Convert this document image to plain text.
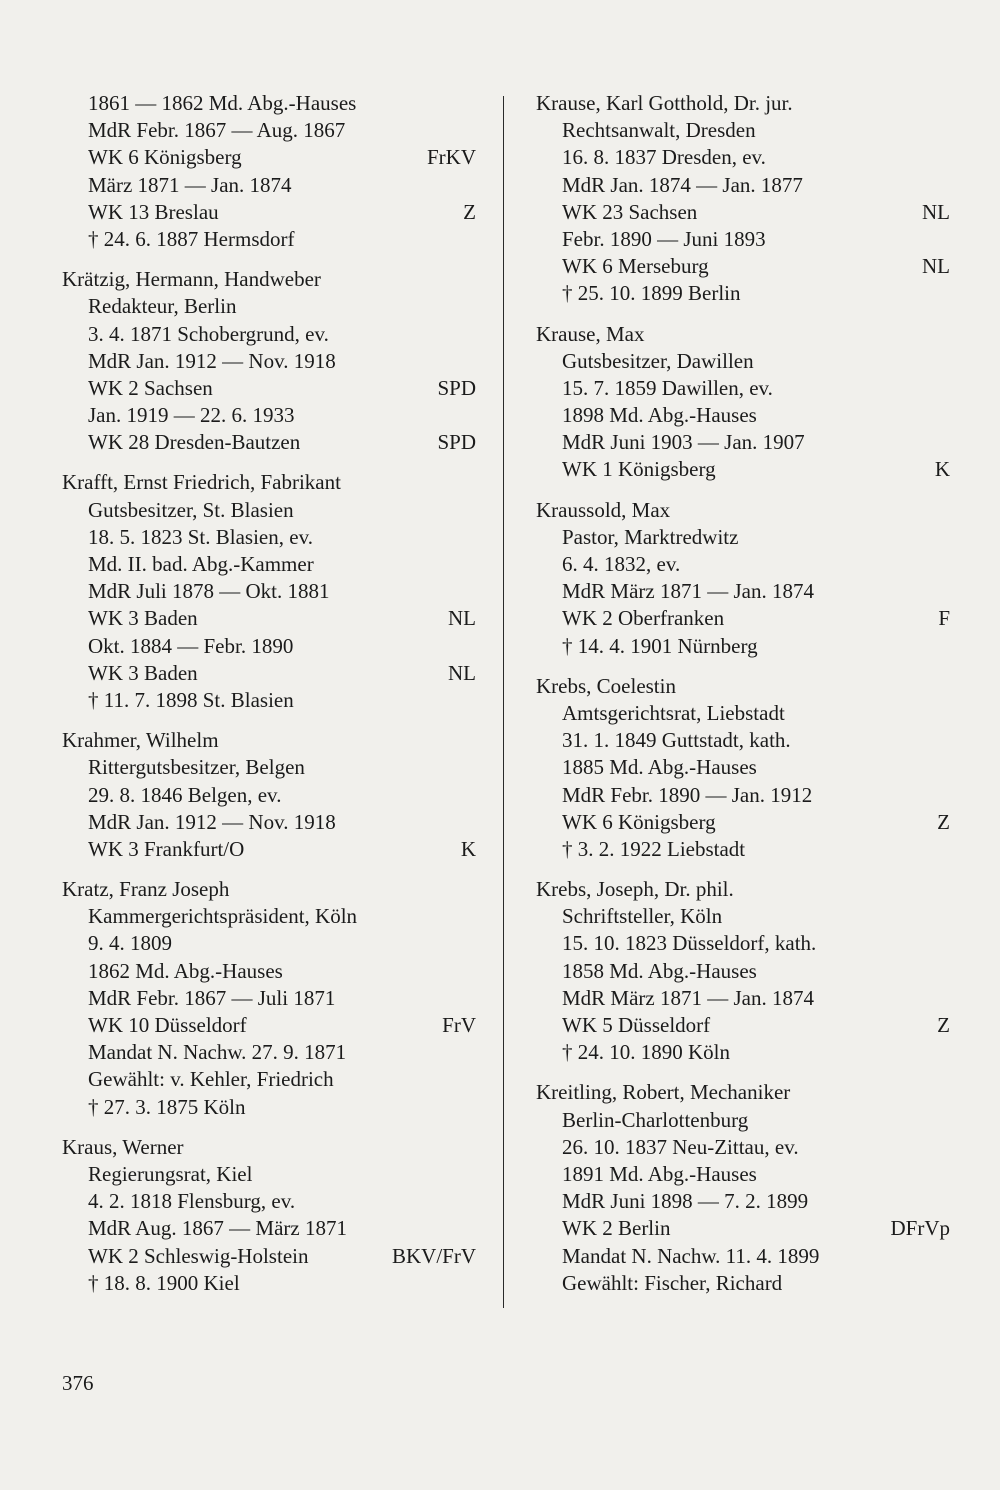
1861 — 1862 Md. Abg.-Hauses
MdR Febr. 1867 — Aug. 1867
WK 6 Königsberg	FrKV
März 1871 — Jan. 1874
WK 13 Breslau	Z
† 24. 6. 1887 Hermsdorf
Krätzig, Hermann, Handweber
Redakteur, Berlin
3. 4. 1871 Schobergrund, ev.
MdR Jan. 1912 — Nov. 1918
WK 2 Sachsen	SPD
Jan. 1919 — 22. 6. 1933
WK 28 Dresden-Bautzen	SPD
Krafft, Ernst Friedrich, Fabrikant
Gutsbesitzer, St. Blasien
18. 5. 1823 St. Blasien, ev.
Md. II. bad. Abg.-Kammer
MdR Juli 1878 — Okt. 1881
WK 3 Baden	NL
Okt. 1884 — Febr. 1890
WK 3 Baden	NL
† 11. 7. 1898 St. Blasien
Krahmer, Wilhelm
Rittergutsbesitzer, Belgen
29. 8. 1846 Belgen, ev.
MdR Jan. 1912 — Nov. 1918
WK 3 Frankfurt/O	K
Kratz, Franz Joseph
Kammergerichtspräsident, Köln
9. 4. 1809
1862 Md. Abg.-Hauses
MdR Febr. 1867 — Juli 1871
WK 10 Düsseldorf	FrV
Mandat N. Nachw. 27. 9. 1871
Gewählt: v. Kehler, Friedrich
† 27. 3. 1875 Köln
Kraus, Werner
Regierungsrat, Kiel
4. 2. 1818 Flensburg, ev.
MdR Aug. 1867 — März 1871
WK 2 Schleswig-Holstein	BKV/FrV
† 18. 8. 1900 Kiel
Krause, Karl Gotthold, Dr. jur.
Rechtsanwalt, Dresden
16. 8. 1837 Dresden, ev.
MdR Jan. 1874 — Jan. 1877
WK 23 Sachsen	NL
Febr. 1890 — Juni 1893
WK 6 Merseburg	NL
† 25. 10. 1899 Berlin
Krause, Max
Gutsbesitzer, Dawillen
15. 7. 1859 Dawillen, ev.
1898 Md. Abg.-Hauses
MdR Juni 1903 — Jan. 1907
WK 1 Königsberg	K
Kraussold, Max
Pastor, Marktredwitz
6. 4. 1832, ev.
MdR März 1871 — Jan. 1874
WK 2 Oberfranken	F
† 14. 4. 1901 Nürnberg
Krebs, Coelestin
Amtsgerichtsrat, Liebstadt
31. 1. 1849 Guttstadt, kath.
1885 Md. Abg.-Hauses
MdR Febr. 1890 — Jan. 1912
WK 6 Königsberg	Z
† 3. 2. 1922 Liebstadt
Krebs, Joseph, Dr. phil.
Schriftsteller, Köln
15. 10. 1823 Düsseldorf, kath.
1858 Md. Abg.-Hauses
MdR März 1871 — Jan. 1874
WK 5 Düsseldorf	Z
† 24. 10. 1890 Köln
Kreitling, Robert, Mechaniker
Berlin-Charlottenburg
26. 10. 1837 Neu-Zittau, ev.
1891 Md. Abg.-Hauses
MdR Juni 1898 — 7. 2. 1899
WK 2 Berlin	DFrVp
Mandat N. Nachw. 11. 4. 1899
Gewählt: Fischer, Richard
376
